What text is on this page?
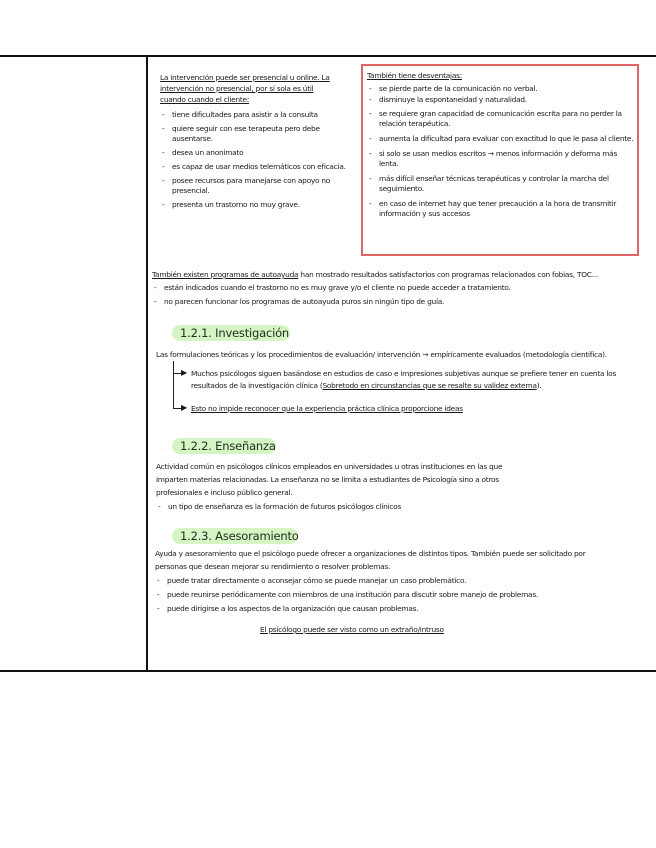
La intervención puede ser presencial u online. La
intervención no presencial, por sí sola es útil
cuando cuando el cliente:
- tiene dificultades para asistir a la consulta
- quiere seguir con ese terapeuta pero debe ausentarse.
- desea un anonimato
- es capaz de usar medios telemáticos con eficacia.
- posee recursos para manejarse con apoyo no presencial.
- presenta un trastorno no muy grave.
También tiene desventajas:
- se pierde parte de la comunicación no verbal.
- disminuye la espontaneidad y naturalidad.
- se requiere gran capacidad de comunicación escrita para no perder la relación terapéutica.
- aumenta la dificultad para evaluar con exactitud lo que le pasa al cliente.
- si solo se usan medios escritos → menos información y deforma más lenta.
- más difícil enseñar técnicas terapéuticas y controlar la marcha del seguimiento.
- en caso de internet hay que tener precaución a la hora de transmitir información y sus accesos
También existen programas de autoayuda han mostrado resultados satisfactorios con programas relacionados con fobias, TOC...
- están indicados cuando el trastorno no es muy grave y/o el cliente no puede acceder a tratamiento.
- no parecen funcionar los programas de autoayuda puros sin ningún tipo de guía.
1.2.1. Investigación
Las formulaciones teóricas y los procedimientos de evaluación/ intervención → empíricamente evaluados (metodología científica).
▶
▶
Muchos psicólogos siguen basándose en estudios de caso e impresiones subjetivas aunque se prefiere tener en cuenta los
resultados de la investigación clínica (Sobretodo en circunstancias que se resalte su validez externa).
Esto no impide reconocer que la experiencia práctica clínica proporcione ideas
1.2.2. Enseñanza
Actividad común en psicólogos clínicos empleados en universidades u otras instituciones en las que
imparten materias relacionadas. La enseñanza no se limita a estudiantes de Psicología sino a otros
profesionales e incluso público general.
- un tipo de enseñanza es la formación de futuros psicólogos clínicos
1.2.3. Asesoramiento
Ayuda y asesoramiento que el psicólogo puede ofrecer a organizaciones de distintos tipos. También puede ser solicitado por
personas que desean mejorar su rendimiento o resolver problemas.
- puede tratar directamente o aconsejar cómo se puede manejar un caso problemático.
- puede reunirse periódicamente con miembros de una institución para discutir sobre manejo de problemas.
- puede dirigirse a los aspectos de la organización que causan problemas.
El psicólogo puede ser visto como un extraño/intruso
